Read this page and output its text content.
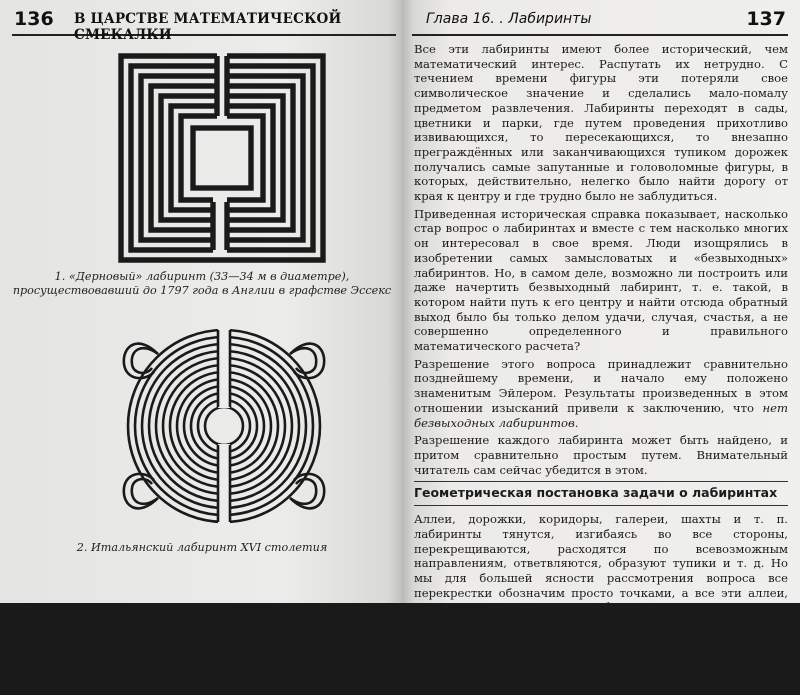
136 В ЦАРСТВЕ МАТЕМАТИЧЕСКОЙ СМЕКАЛКИ
1. «Дерновый» лабиринт (33—34 м в диаметре),
просуществовавший до 1797 года в Англии в графстве Эссекс
2. Итальянский лабиринт XVI столетия
Глава 16. . Лабиринты	137

Все эти лабиринты имеют более исторический, чем математический интерес. Распутать их нетрудно. С течением времени фигуры эти потеряли свое символическое значение и сделались мало-помалу предметом развлечения. Лабиринты переходят в сады, цветники и парки, где путем проведения прихотливо извивающихся, то пересекающихся, то внезапно преграждённых или заканчивающихся тупиком дорожек получались самые запутанные и головоломные фигуры, в которых, действительно, нелегко было найти дорогу от края к центру и где трудно было не заблудиться.

Приведенная историческая справка показывает, насколько стар вопрос о лабиринтах и вместе с тем насколько многих он интересовал в свое время. Люди изощрялись в изобретении самых замысловатых и «безвыходных» лабиринтов. Но, в самом деле, возможно ли построить или даже начертить безвыходный лабиринт, т. е. такой, в котором найти путь к его центру и найти отсюда обратный выход было бы только делом удачи, случая, счастья, а не совершенно определенного и правильного математического расчета?

Разрешение этого вопроса принадлежит сравнительно позднейшему времени, и начало ему положено знаменитым Эйлером. Результаты произведенных в этом отношении изысканий привели к заключению, что нет безвыходных лабиринтов.

Разрешение каждого лабиринта может быть найдено, и притом сравнительно простым путем. Внимательный читатель сам сейчас убедится в этом.

Геометрическая постановка задачи о лабиринтах

Аллеи, дорожки, коридоры, галереи, шахты и т. п. лабиринты тянутся, изгибаясь во все стороны, перекрещиваются, расходятся по всевозможным направлениям, ответвляются, образуют тупики и т. д. Но мы для большей ясности рассмотрения вопроса все перекрестки обозначим просто точками, а все эти аллеи, дорожки, коридоры и т. д. будем принимать просто за линии, прямые или кривые, плоские или нет — все равно, но эти линии соединяют наши точки (перекрестки).

Эти точки и эти линии вместе составляют геометрическую сеть, или лабиринт, если какая-либо точка, движущаяся по линиям
